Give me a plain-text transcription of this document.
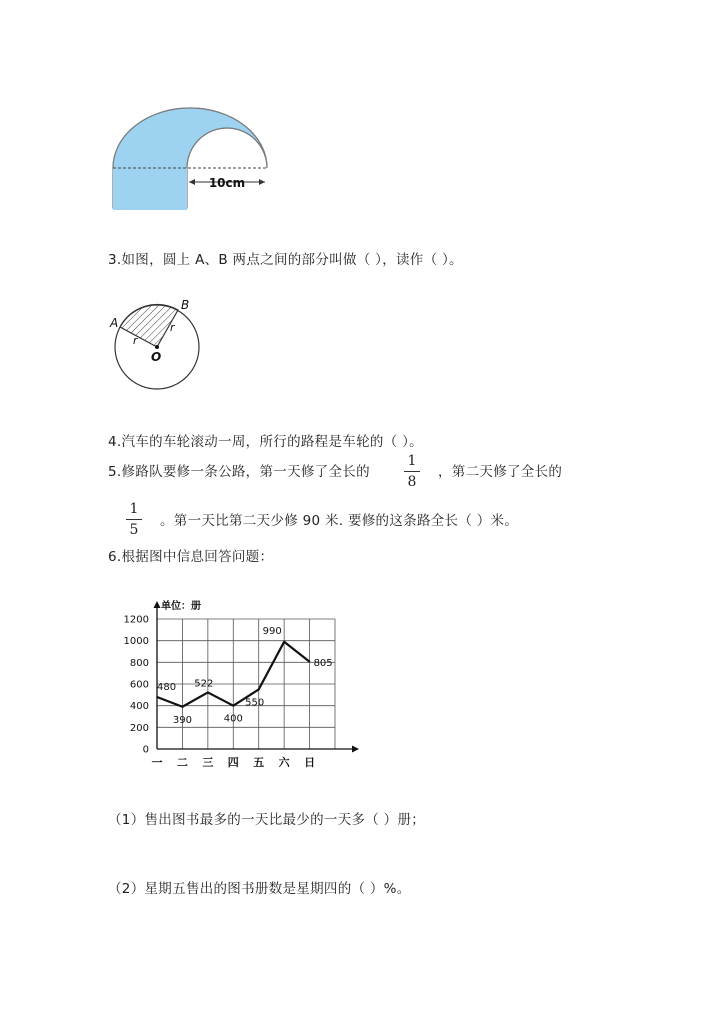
10cm
3.如图，圆上 A、B 两点之间的部分叫做（ ），读作（ ）。
A
B
O
r
r
4.汽车的车轮滚动一周，所行的路程是车轮的（ ）。
5.修路队要修一条公路，第一天修了全长的
1
8
，第二天修了全长的
1
5
。第一天比第二天少修 90 米. 要修的这条路全长（ ）米。
6.根据图中信息回答问题：
单位：册
0
200
400
600
800
1000
1200
480
390
522
400
550
990
805
一 二 三 四 五 六 日
（1）售出图书最多的一天比最少的一天多（ ）册；
（2）星期五售出的图书册数是星期四的（ ）%。
